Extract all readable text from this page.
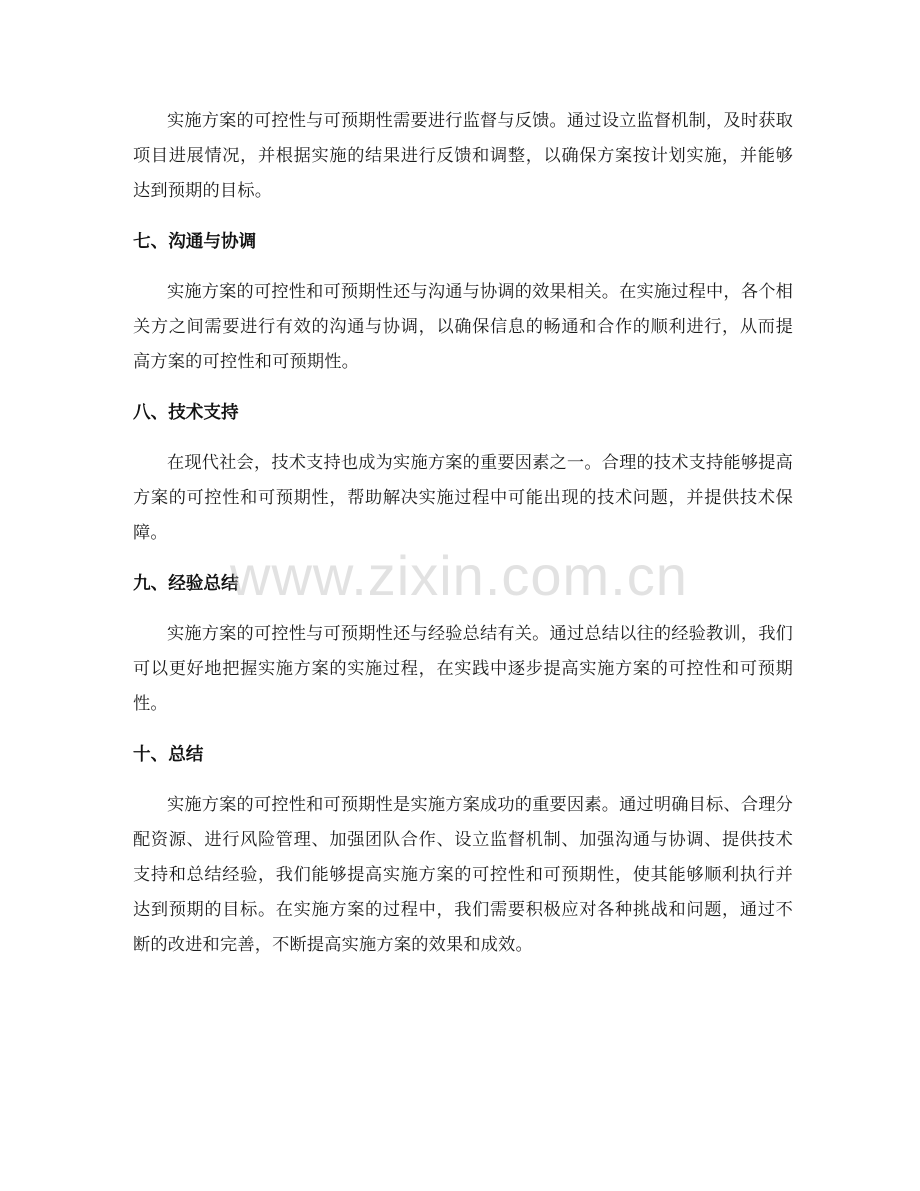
实施方案的可控性与可预期性需要进行监督与反馈。通过设立监督机制，及时获取项目进展情况，并根据实施的结果进行反馈和调整，以确保方案按计划实施，并能够达到预期的目标。

七、沟通与协调

实施方案的可控性和可预期性还与沟通与协调的效果相关。在实施过程中，各个相关方之间需要进行有效的沟通与协调，以确保信息的畅通和合作的顺利进行，从而提高方案的可控性和可预期性。

八、技术支持

在现代社会，技术支持也成为实施方案的重要因素之一。合理的技术支持能够提高方案的可控性和可预期性，帮助解决实施过程中可能出现的技术问题，并提供技术保障。

九、经验总结

实施方案的可控性与可预期性还与经验总结有关。通过总结以往的经验教训，我们可以更好地把握实施方案的实施过程，在实践中逐步提高实施方案的可控性和可预期性。

十、总结

实施方案的可控性和可预期性是实施方案成功的重要因素。通过明确目标、合理分配资源、进行风险管理、加强团队合作、设立监督机制、加强沟通与协调、提供技术支持和总结经验，我们能够提高实施方案的可控性和可预期性，使其能够顺利执行并达到预期的目标。在实施方案的过程中，我们需要积极应对各种挑战和问题，通过不断的改进和完善，不断提高实施方案的效果和成效。

www.zixin.com.cn
